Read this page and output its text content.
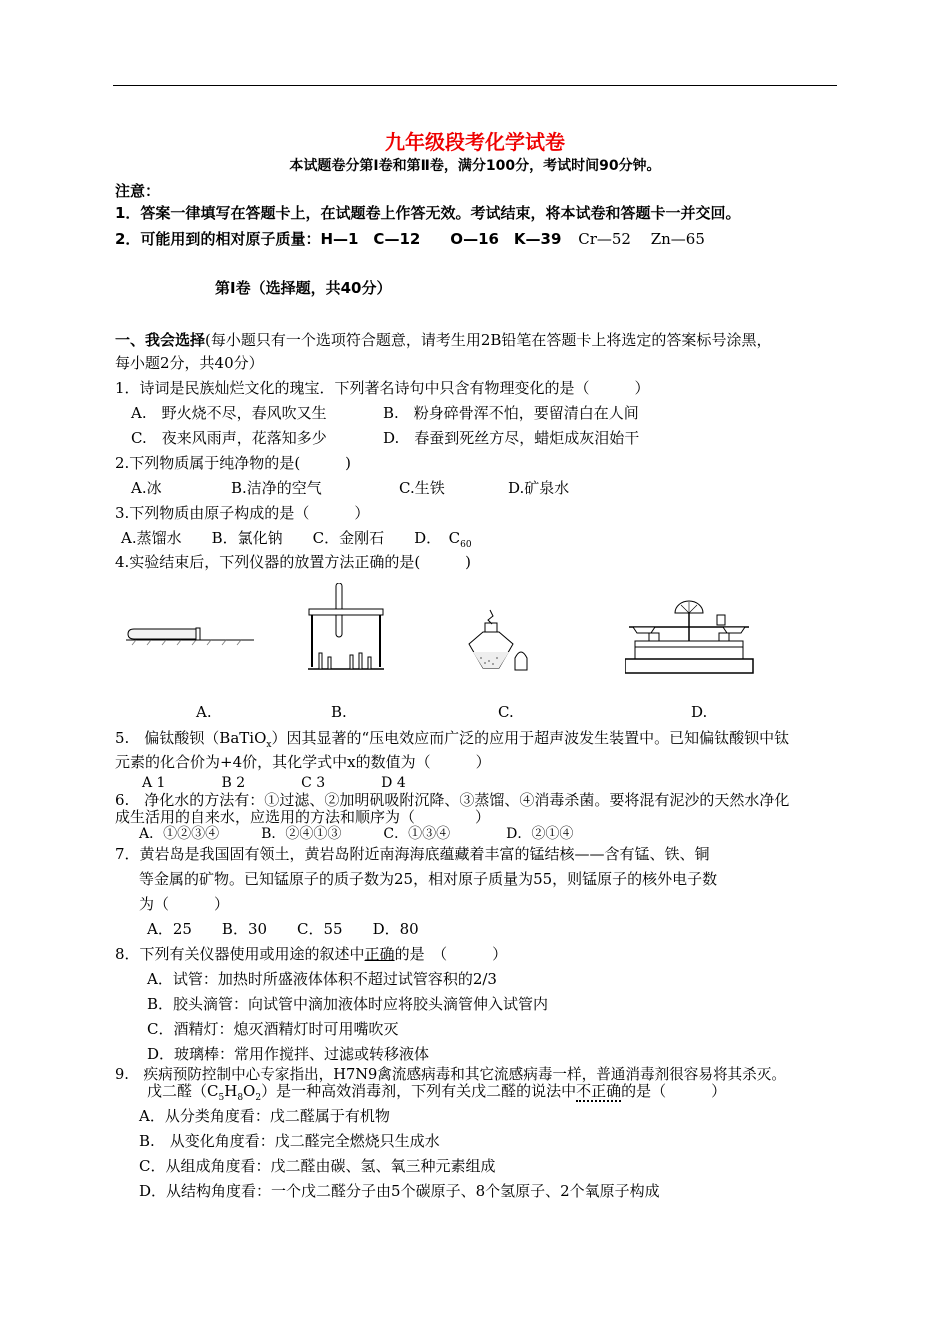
九年级段考化学试卷
本试题卷分第Ⅰ卷和第Ⅱ卷，满分100分，考试时间90分钟。
注意：
1．答案一律填写在答题卡上，在试题卷上作答无效。考试结束，将本试卷和答题卡一并交回。
2．可能用到的相对原子质量：H—1　C—12　　O—16　K—39 Cr—52　 Zn—65
第Ⅰ卷（选择题，共40分）
一、我会选择(每小题只有一个选项符合题意，请考生用2B铅笔在答题卡上将选定的答案标号涂黑，
每小题2分，共40分）
1．诗词是民族灿烂文化的瑰宝．下列著名诗句中只含有物理变化的是（　　　）
A.　野火烧不尽，春风吹又生	B.　粉身碎骨浑不怕，要留清白在人间
C.　夜来风雨声，花落知多少	D.　春蚕到死丝方尽，蜡炬成灰泪始干
2.下列物质属于纯净物的是(　　　)
A.冰	B.洁净的空气	C.生铁	D.矿泉水
3.下列物质由原子构成的是（　　　）
A.蒸馏水　　B．氯化钠　　C．金刚石　　D．　$C_{60}$
4.实验结束后，下列仪器的放置方法正确的是(　　　)
A.	B.	C.	D.
5.　偏钛酸钡（BaTiO$_x$）因其显著的“压电效应而广泛的应用于超声波发生装置中。已知偏钛酸钡中钛
元素的化合价为+4价，其化学式中x的数值为（　　　）
A 1　　　　B 2　　　　C 3　　　　D 4
6.　净化水的方法有：①过滤、②加明矾吸附沉降、③蒸馏、④消毒杀菌。要将混有泥沙的天然水净化
成生活用的自来水，应选用的方法和顺序为（　　　　）
A．①②③④　　　B．②④①③　　　C．①③④　　　　D．②①④
7．黄岩岛是我国固有领土，黄岩岛附近南海海底蕴藏着丰富的锰结核——含有锰、铁、铜
等金属的矿物。已知锰原子的质子数为25，相对原子质量为55，则锰原子的核外电子数
为（　　　）
A．25　　B．30　　C．55　　D．80
8．下列有关仪器使用或用途的叙述中正确的是　（　　　）
A．试管：加热时所盛液体体积不超过试管容积的2/3
B．胶头滴管：向试管中滴加液体时应将胶头滴管伸入试管内
C．酒精灯：熄灭酒精灯时可用嘴吹灭
D．玻璃棒：常用作搅拌、过滤或转移液体
9.　疾病预防控制中心专家指出，H7N9禽流感病毒和其它流感病毒一样，普通消毒剂很容易将其杀灭。
戊二醛$(C_5H_8O_2)$是一种高效消毒剂，下列有关戊二醛的说法中不正确的是（　　　）
A．从分类角度看：戊二醛属于有机物
B.　从变化角度看：戊二醛完全燃烧只生成水
C．从组成角度看：戊二醛由碳、氢、氧三种元素组成
D．从结构角度看：一个戊二醛分子由5个碳原子、8个氢原子、2个氧原子构成
